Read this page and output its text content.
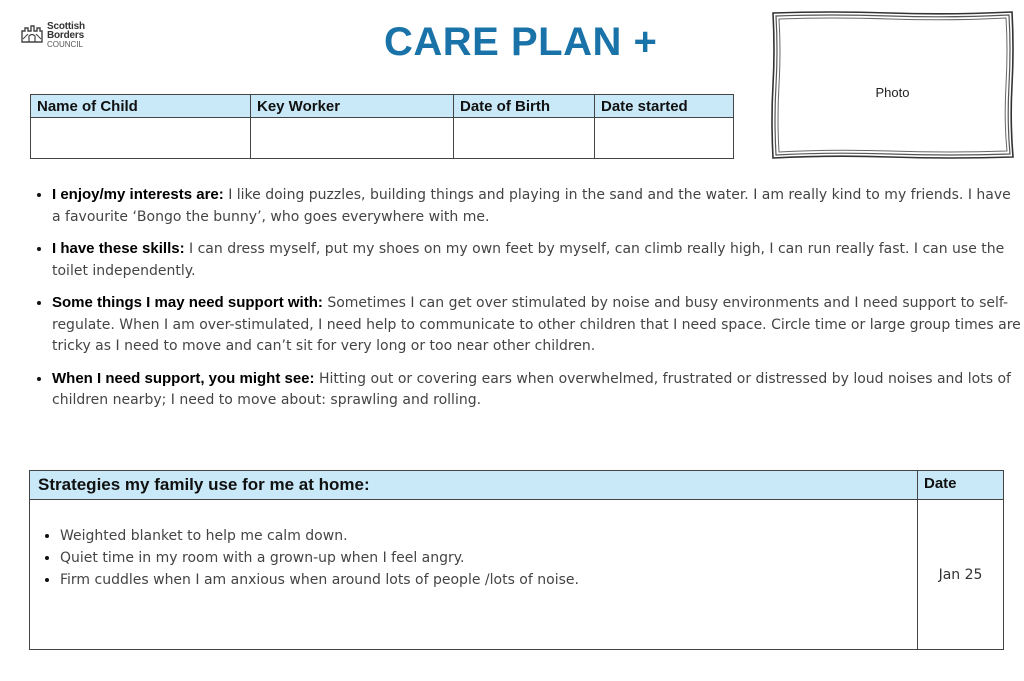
Scottish
Borders
COUNCIL	CARE PLAN +
Photo
Name of Child	Key Worker	Date of Birth	Date started

• I enjoy/my interests are: I like doing puzzles, building things and playing in the sand and the water. I am really kind to my friends. I have a favourite ‘Bongo the bunny’, who goes everywhere with me.
• I have these skills: I can dress myself, put my shoes on my own feet by myself, can climb really high, I can run really fast. I can use the toilet independently.
• Some things I may need support with: Sometimes I can get over stimulated by noise and busy environments and I need support to self-regulate. When I am over-stimulated, I need help to communicate to other children that I need space. Circle time or large group times are tricky as I need to move and can’t sit for very long or too near other children.
• When I need support, you might see: Hitting out or covering ears when overwhelmed, frustrated or distressed by loud noises and lots of children nearby; I need to move about: sprawling and rolling.
Strategies my family use for me at home:	Date
• Weighted blanket to help me calm down.
• Quiet time in my room with a grown-up when I feel angry.
• Firm cuddles when I am anxious when around lots of people /lots of noise.	Jan 25
